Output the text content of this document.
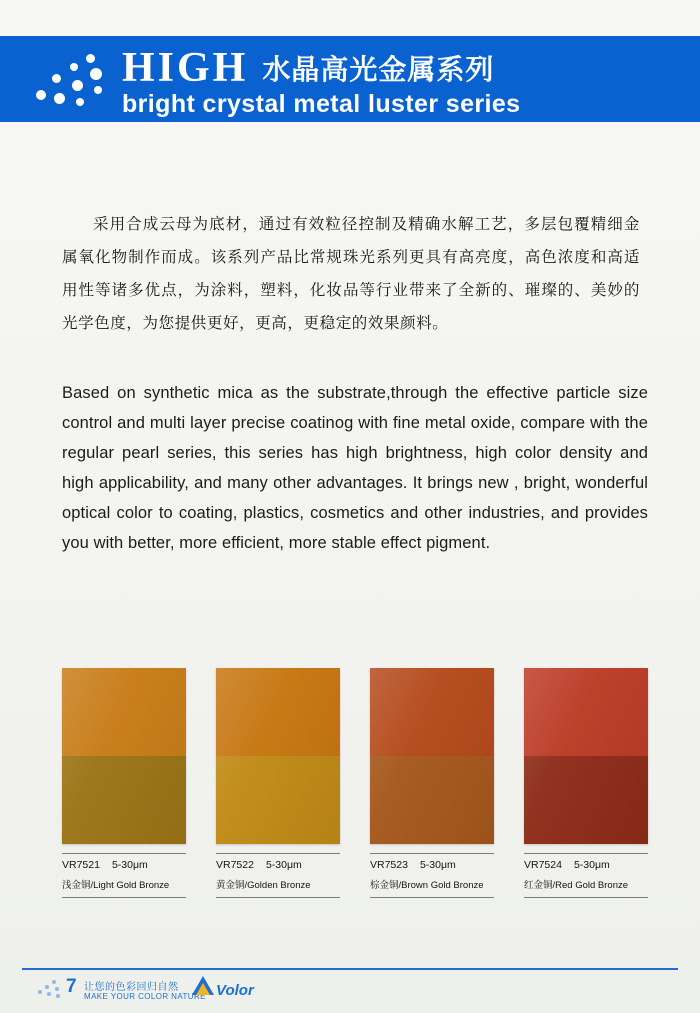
HIGH 水晶高光金属系列
bright crystal metal luster series
采用合成云母为底材，通过有效粒径控制及精确水解工艺，多层包覆精细金属氧化物制作而成。该系列产品比常规珠光系列更具有高亮度，高色浓度和高适用性等诸多优点，为涂料，塑料，化妆品等行业带来了全新的、璀璨的、美妙的光学色度，为您提供更好，更高，更稳定的效果颜料。
Based on synthetic mica as the substrate,through the effective particle size control and multi layer precise coatinog with fine metal oxide, compare with the regular pearl series, this series has high brightness, high color density and high applicability, and many other advantages. It brings new , bright, wonderful optical color to coating, plastics, cosmetics and other industries, and provides you with better, more efficient, more stable effect pigment.
VR7521 5-30μm
浅金铜/Light Gold Bronze
VR7522 5-30μm
黄金铜/Golden Bronze
VR7523 5-30μm
棕金铜/Brown Gold Bronze
VR7524 5-30μm
红金铜/Red Gold Bronze
7 让您的色彩回归自然
MAKE YOUR COLOR NATURE Volor
